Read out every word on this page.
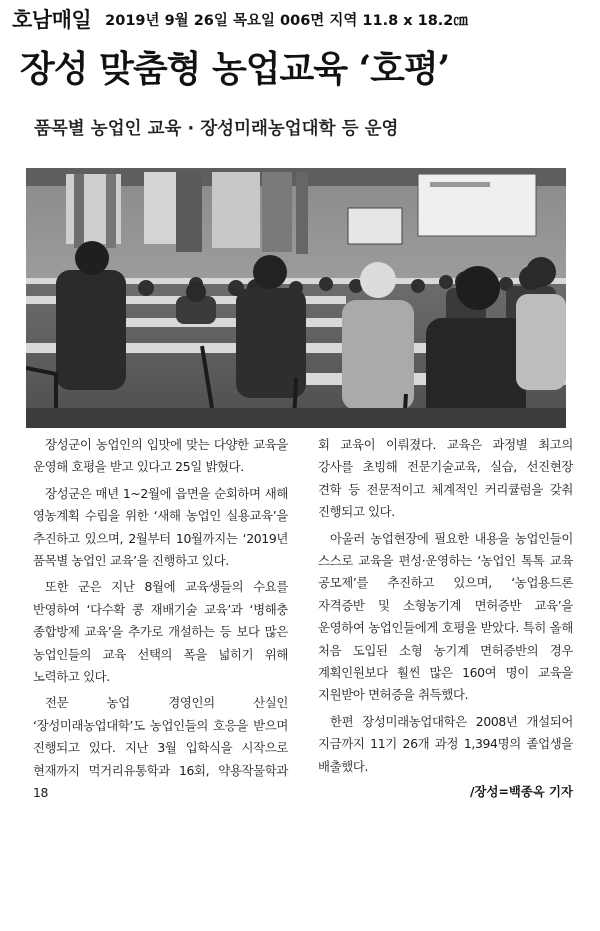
호남매일 2019년 9월 26일 목요일 006면 지역 11.8 x 18.2㎝
장성 맞춤형 농업교육 ‘호평’
품목별 농업인 교육 · 장성미래농업대학 등 운영

장성군이 농업인의 입맛에 맞는 다양한 교육을 운영해 호평을 받고 있다고 25일 밝혔다.

장성군은 매년 1~2월에 읍면을 순회하며 새해 영농계획 수립을 위한 ‘새해 농업인 실용교육’을 추진하고 있으며, 2월부터 10월까지는 ‘2019년 품목별 농업인 교육’을 진행하고 있다.

또한 군은 지난 8월에 교육생들의 수요를 반영하여 ‘다수확 콩 재배기술 교육’과 ‘병해충 종합방제 교육’을 추가로 개설하는 등 보다 많은 농업인들의 교육 선택의 폭을 넓히기 위해 노력하고 있다.

전문 농업 경영인의 산실인 ‘장성미래농업대학’도 농업인들의 호응을 받으며 진행되고 있다. 지난 3월 입학식을 시작으로 현재까지 먹거리유통학과 16회, 약용작물학과 18

회 교육이 이뤄졌다. 교육은 과정별 최고의 강사를 초빙해 전문기술교육, 실습, 선진현장 견학 등 전문적이고 체계적인 커리큘럼을 갖춰 진행되고 있다.

아울러 농업현장에 필요한 내용을 농업인들이 스스로 교육을 편성·운영하는 ‘농업인 톡톡 교육 공모제’를 추진하고 있으며, ‘농업용드론 자격증반 및 소형농기계 면허증반 교육’을 운영하여 농업인들에게 호평을 받았다. 특히 올해 처음 도입된 소형 농기계 면허증반의 경우 계획인원보다 훨씬 많은 160여 명이 교육을 지원받아 면허증을 취득했다.

한편 장성미래농업대학은 2008년 개설되어 지금까지 11기 26개 과정 1,394명의 졸업생을 배출했다.

/장성=백종옥 기자
